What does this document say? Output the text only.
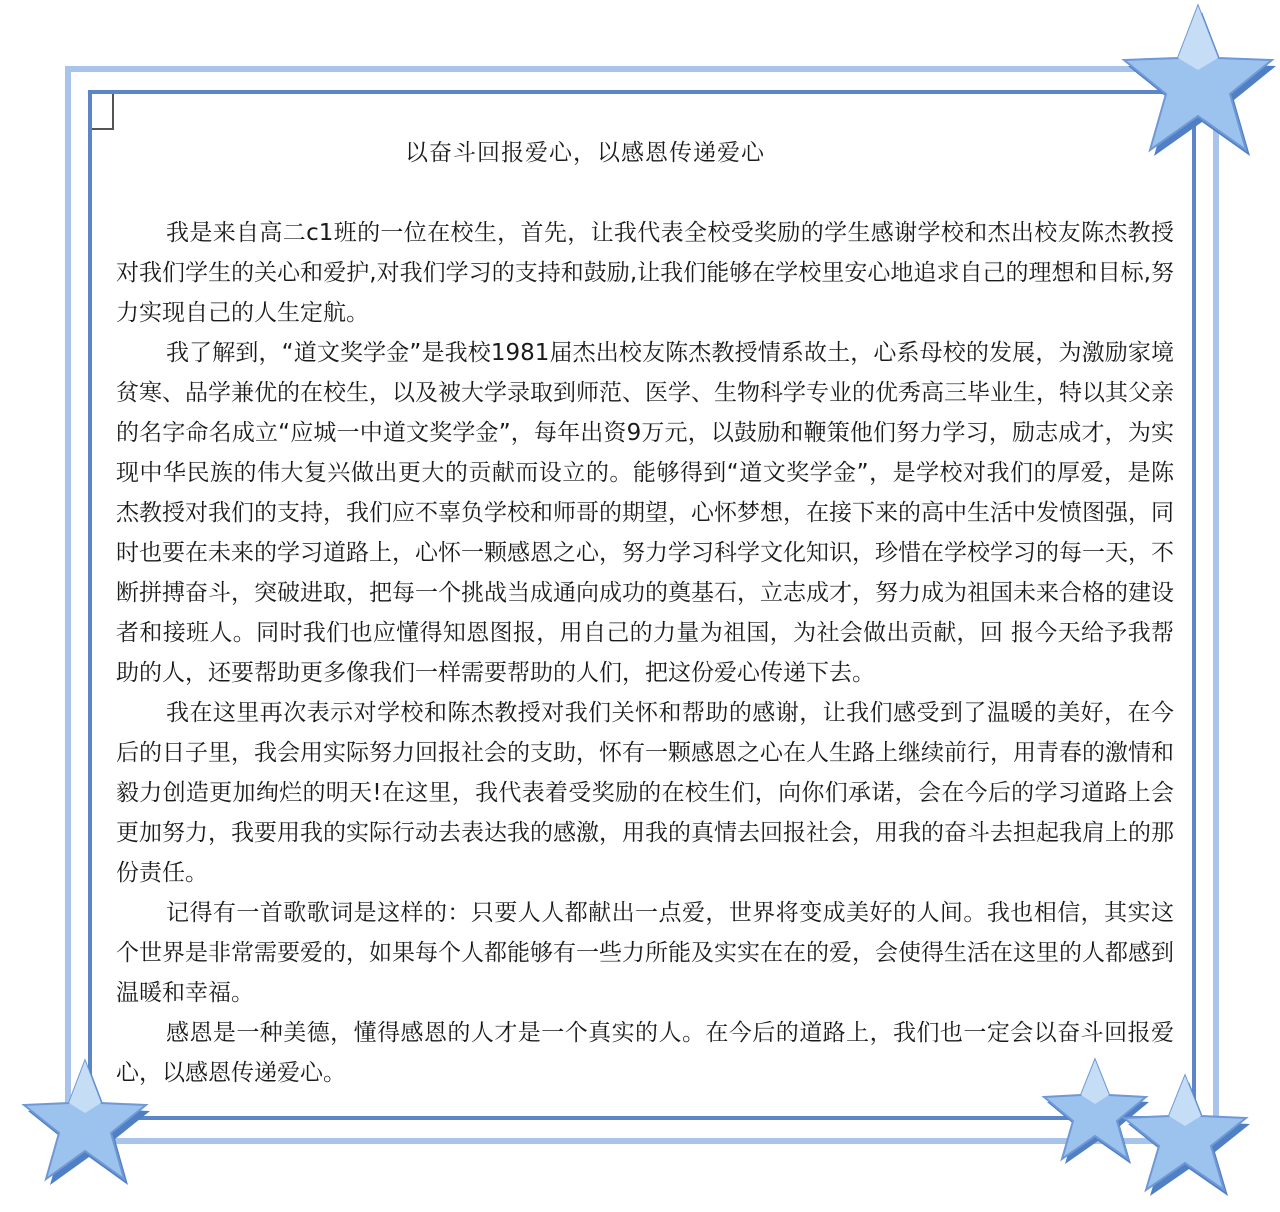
以奋斗回报爱心，以感恩传递爱心

我是来自高二c1班的一位在校生，首先，让我代表全校受奖励的学生感谢学校和杰出校友陈杰教授对我们学生的关心和爱护,对我们学习的支持和鼓励,让我们能够在学校里安心地追求自己的理想和目标,努力实现自己的人生定航。

我了解到，“道文奖学金”是我校1981届杰出校友陈杰教授情系故土，心系母校的发展，为激励家境贫寒、品学兼优的在校生，以及被大学录取到师范、医学、生物科学专业的优秀高三毕业生，特以其父亲的名字命名成立“应城一中道文奖学金”，每年出资9万元，以鼓励和鞭策他们努力学习，励志成才，为实现中华民族的伟大复兴做出更大的贡献而设立的。能够得到“道文奖学金”，是学校对我们的厚爱，是陈杰教授对我们的支持，我们应不辜负学校和师哥的期望，心怀梦想，在接下来的高中生活中发愤图强，同时也要在未来的学习道路上，心怀一颗感恩之心，努力学习科学文化知识，珍惜在学校学习的每一天，不断拼搏奋斗，突破进取，把每一个挑战当成通向成功的奠基石，立志成才，努力成为祖国未来合格的建设者和接班人。同时我们也应懂得知恩图报，用自己的力量为祖国，为社会做出贡献，回 报今天给予我帮助的人，还要帮助更多像我们一样需要帮助的人们，把这份爱心传递下去。

我在这里再次表示对学校和陈杰教授对我们关怀和帮助的感谢，让我们感受到了温暖的美好，在今后的日子里，我会用实际努力回报社会的支助，怀有一颗感恩之心在人生路上继续前行，用青春的激情和毅力创造更加绚烂的明天!在这里，我代表着受奖励的在校生们，向你们承诺，会在今后的学习道路上会更加努力，我要用我的实际行动去表达我的感激，用我的真情去回报社会，用我的奋斗去担起我肩上的那份责任。

记得有一首歌歌词是这样的：只要人人都献出一点爱，世界将变成美好的人间。我也相信，其实这个世界是非常需要爱的，如果每个人都能够有一些力所能及实实在在的爱，会使得生活在这里的人都感到温暖和幸福。

感恩是一种美德，懂得感恩的人才是一个真实的人。在今后的道路上，我们也一定会以奋斗回报爱心，以感恩传递爱心。
